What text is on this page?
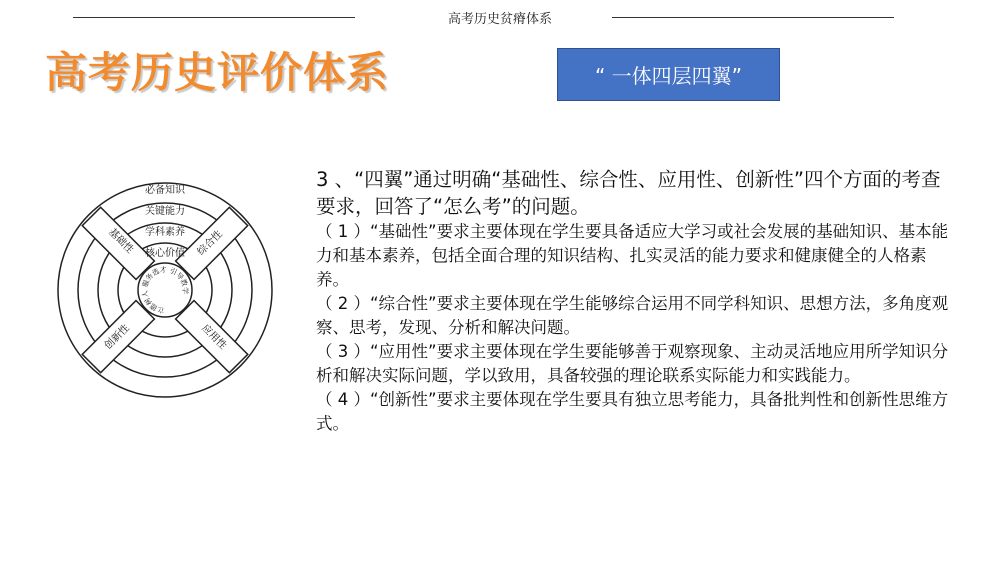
高考历史贫瘠体系
高考历史评价体系	“ 一体四层四翼”
必备知识
关键能力
学科素养
核心价值
基础性	综合性
应用性
创新性
立德树人 服务选才 引导教学

3 、“四翼”通过明确“基础性、综合性、应用性、创新性”四个方面的考查要求，回答了“怎么考”的问题。

（ 1 ）“基础性”要求主要体现在学生要具备适应大学习或社会发展的基础知识、基本能力和基本素养，包括全面合理的知识结构、扎实灵活的能力要求和健康健全的人格素养。

（ 2 ）“综合性”要求主要体现在学生能够综合运用不同学科知识、思想方法，多角度观察、思考，发现、分析和解决问题。

（ 3 ）“应用性”要求主要体现在学生要能够善于观察现象、主动灵活地应用所学知识分析和解决实际问题，学以致用，具备较强的理论联系实际能力和实践能力。

（ 4 ）“创新性”要求主要体现在学生要具有独立思考能力，具备批判性和创新性思维方式。
